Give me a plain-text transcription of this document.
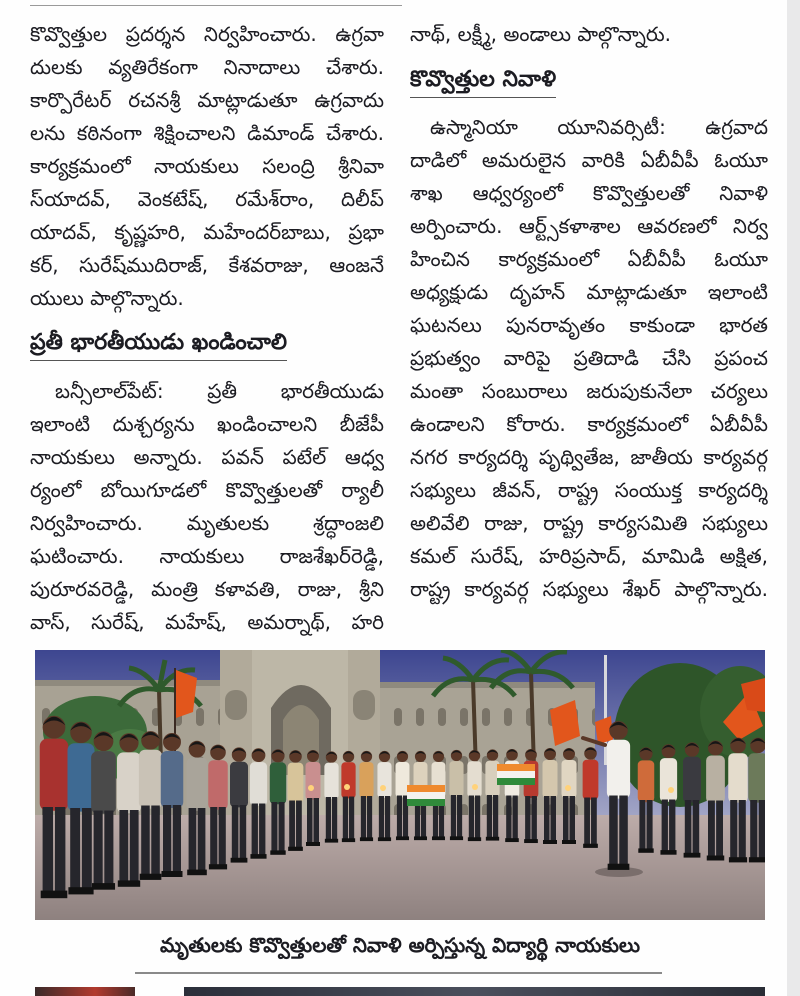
కొవ్వొత్తుల ప్రదర్శన నిర్వహించారు. ఉగ్రవా
దులకు వ్యతిరేకంగా నినాదాలు చేశారు.
కార్పొరేటర్ రచనశ్రీ మాట్లాడుతూ ఉగ్రవాదు
లను కఠినంగా శిక్షించాలని డిమాండ్ చేశారు.
కార్యక్రమంలో నాయకులు సలంద్రి శ్రీనివా
స్‌యాదవ్, వెంకటేష్, రమేశ్‌రాం, దిలీప్
యాదవ్, కృష్ణహరి, మహేందర్‌బాబు, ప్రభా
కర్, సురేష్‌ముదిరాజ్, కేశవరాజు, ఆంజనే
యులు పాల్గొన్నారు.
ప్రతీ భారతీయుడు ఖండించాలి
బన్సీలాల్‌పేట్: ప్రతీ భారతీయుడు
ఇలాంటి దుశ్చర్యను ఖండించాలని బీజేపీ
నాయకులు అన్నారు. పవన్ పటేల్ ఆధ్వ
ర్యంలో బోయిగూడలో కొవ్వొత్తులతో ర్యాలీ
నిర్వహించారు. మృతులకు శ్రద్ధాంజలి
ఘటించారు. నాయకులు రాజశేఖర్‌రెడ్డి,
పురూరవరెడ్డి, మంత్రి కళావతి, రాజు, శ్రీని
వాస్, సురేష్, మహేష్, అమర్నాథ్, హరి
నాథ్, లక్ష్మీ, అండాలు పాల్గొన్నారు.
కొవ్వొత్తుల నివాళి
ఉస్మానియా యూనివర్సిటీ: ఉగ్రవాద
దాడిలో అమరులైన వారికి ఏబీవీపీ ఓయూ
శాఖ ఆధ్వర్యంలో కొవ్వొత్తులతో నివాళి
అర్పించారు. ఆర్ట్స్‌కళాశాల ఆవరణలో నిర్వ
హించిన కార్యక్రమంలో ఏబీవీపీ ఓయూ
అధ్యక్షుడు దృహన్ మాట్లాడుతూ ఇలాంటి
ఘటనలు పునరావృతం కాకుండా భారత
ప్రభుత్వం వారిపై ప్రతిదాడి చేసి ప్రపంచ
మంతా సంబురాలు జరుపుకునేలా చర్యలు
ఉండాలని కోరారు. కార్యక్రమంలో ఏబీవీపీ
నగర కార్యదర్శి పృథ్వితేజ, జాతీయ కార్యవర్గ
సభ్యులు జీవన్, రాష్ట్ర సంయుక్త కార్యదర్శి
అలివేలి రాజు, రాష్ట్ర కార్యసమితి సభ్యులు
కమల్ సురేష్, హరిప్రసాద్, మామిడి అక్షిత,
రాష్ట్ర కార్యవర్గ సభ్యులు శేఖర్ పాల్గొన్నారు.
మృతులకు కొవ్వొత్తులతో నివాళి అర్పిస్తున్న విద్యార్థి నాయకులు
